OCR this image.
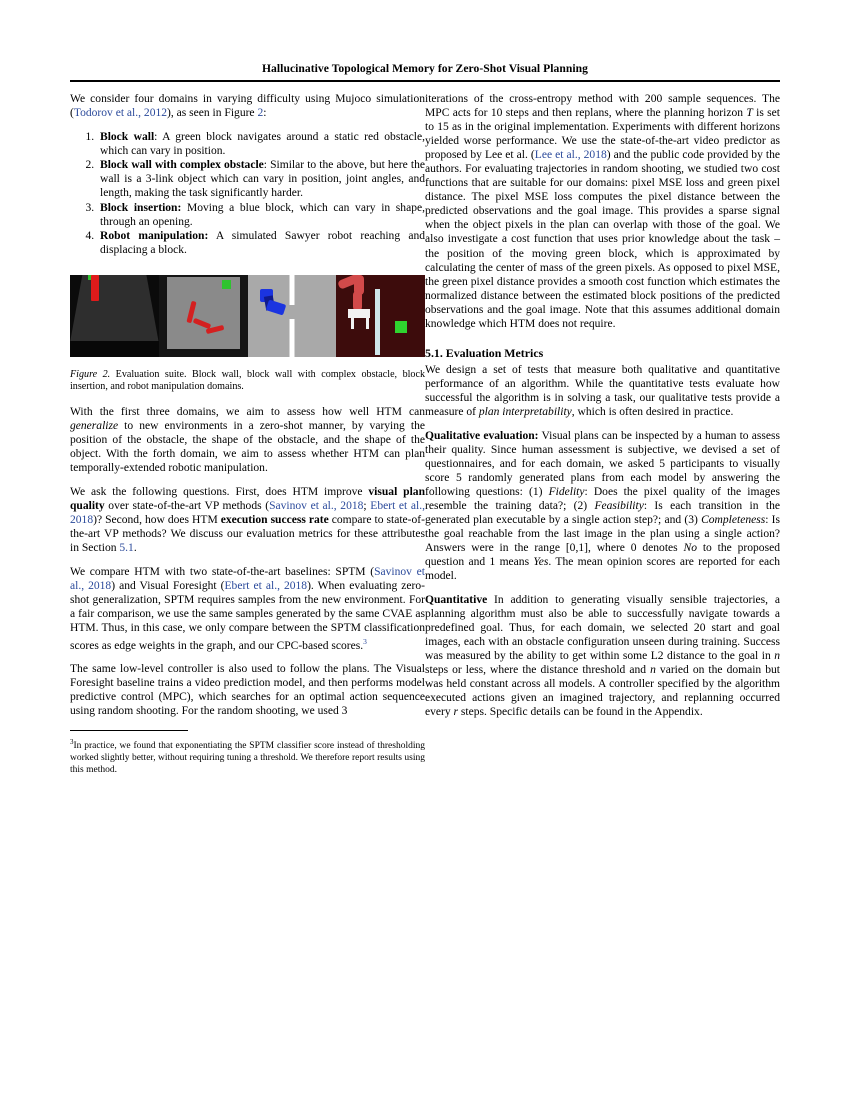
Hallucinative Topological Memory for Zero-Shot Visual Planning

We consider four domains in varying difficulty using Mujoco simulation (Todorov et al., 2012), as seen in Figure 2:

1. Block wall: A green block navigates around a static red obstacle, which can vary in position.
2. Block wall with complex obstacle: Similar to the above, but here the wall is a 3-link object which can vary in position, joint angles, and length, making the task significantly harder.
3. Block insertion: Moving a blue block, which can vary in shape, through an opening.
4. Robot manipulation: A simulated Sawyer robot reaching and displacing a block.
Figure 2. Evaluation suite. Block wall, block wall with complex obstacle, block insertion, and robot manipulation domains.

With the first three domains, we aim to assess how well HTM can generalize to new environments in a zero-shot manner, by varying the position of the obstacle, the shape of the obstacle, and the shape of the object. With the forth domain, we aim to assess whether HTM can plan temporally-extended robotic manipulation.

We ask the following questions. First, does HTM improve visual plan quality over state-of-the-art VP methods (Savinov et al., 2018; Ebert et al., 2018)? Second, how does HTM execution success rate compare to state-of-the-art VP methods? We discuss our evaluation metrics for these attributes in Section 5.1.

We compare HTM with two state-of-the-art baselines: SPTM (Savinov et al., 2018) and Visual Foresight (Ebert et al., 2018). When evaluating zero-shot generalization, SPTM requires samples from the new environment. For a fair comparison, we use the same samples generated by the same CVAE as HTM. Thus, in this case, we only compare between the SPTM classification scores as edge weights in the graph, and our CPC-based scores.$^3$

The same low-level controller is also used to follow the plans. The Visual Foresight baseline trains a video prediction model, and then performs model predictive control (MPC), which searches for an optimal action sequence using random shooting. For the random shooting, we used 3

$^3$In practice, we found that exponentiating the SPTM classifier score instead of thresholding worked slightly better, without requiring tuning a threshold. We therefore report results using this method.

iterations of the cross-entropy method with 200 sample sequences. The MPC acts for 10 steps and then replans, where the planning horizon T is set to 15 as in the original implementation. Experiments with different horizons yielded worse performance. We use the state-of-the-art video predictor as proposed by Lee et al. (Lee et al., 2018) and the public code provided by the authors. For evaluating trajectories in random shooting, we studied two cost functions that are suitable for our domains: pixel MSE loss and green pixel distance. The pixel MSE loss computes the pixel distance between the predicted observations and the goal image. This provides a sparse signal when the object pixels in the plan can overlap with those of the goal. We also investigate a cost function that uses prior knowledge about the task – the position of the moving green block, which is approximated by calculating the center of mass of the green pixels. As opposed to pixel MSE, the green pixel distance provides a smooth cost function which estimates the normalized distance between the estimated block positions of the predicted observations and the goal image. Note that this assumes additional domain knowledge which HTM does not require.

5.1. Evaluation Metrics

We design a set of tests that measure both qualitative and quantitative performance of an algorithm. While the quantitative tests evaluate how successful the algorithm is in solving a task, our qualitative tests provide a measure of plan interpretability, which is often desired in practice.

Qualitative evaluation: Visual plans can be inspected by a human to assess their quality. Since human assessment is subjective, we devised a set of questionnaires, and for each domain, we asked 5 participants to visually score 5 randomly generated plans from each model by answering the following questions: (1) Fidelity: Does the pixel quality of the images resemble the training data?; (2) Feasibility: Is each transition in the generated plan executable by a single action step?; and (3) Completeness: Is the goal reachable from the last image in the plan using a single action? Answers were in the range [0,1], where 0 denotes No to the proposed question and 1 means Yes. The mean opinion scores are reported for each model.

Quantitative In addition to generating visually sensible trajectories, a planning algorithm must also be able to successfully navigate towards a predefined goal. Thus, for each domain, we selected 20 start and goal images, each with an obstacle configuration unseen during training. Success was measured by the ability to get within some L2 distance to the goal in n steps or less, where the distance threshold and n varied on the domain but was held constant across all models. A controller specified by the algorithm executed actions given an imagined trajectory, and replanning occurred every r steps. Specific details can be found in the Appendix.
